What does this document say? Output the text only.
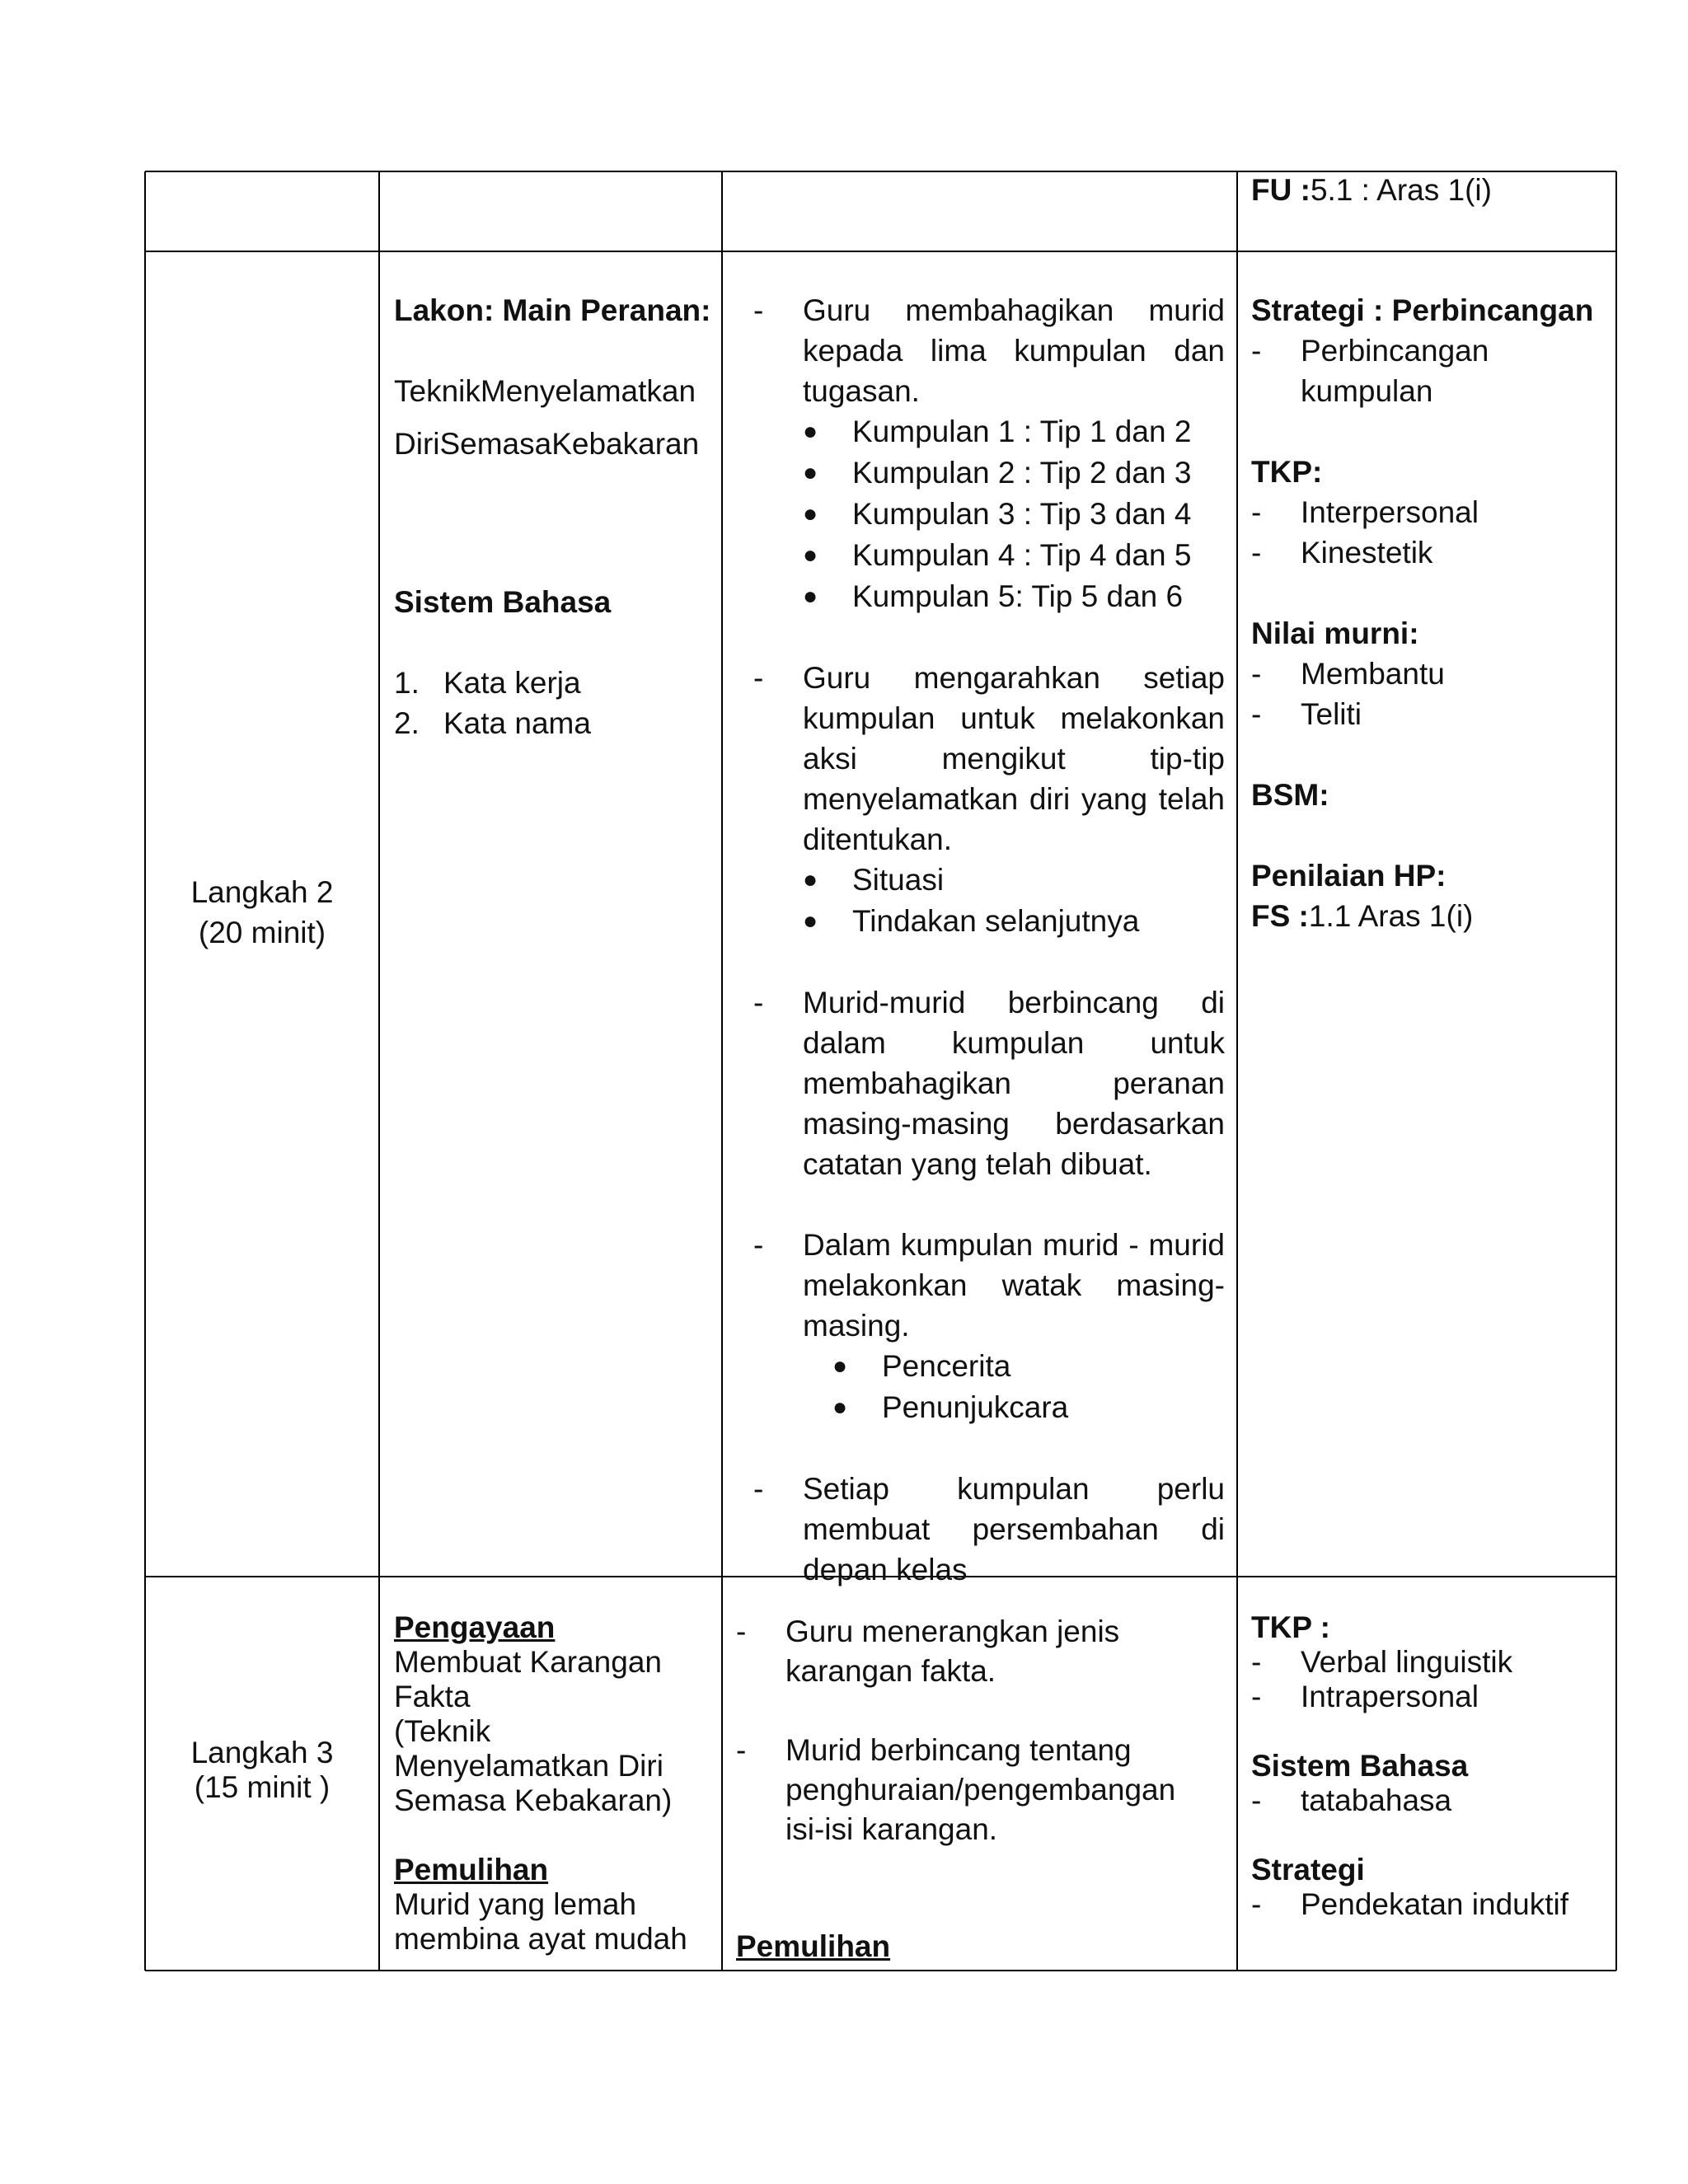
FU :5.1 : Aras 1(i)
Langkah 2
(20 minit)
Lakon: Main Peranan:
TeknikMenyelamatkan
DiriSemasaKebakaran
Sistem Bahasa
1. Kata kerja
2. Kata nama
- Guru membahagikan murid kepada lima kumpulan dan tugasan.
● Kumpulan 1 : Tip 1 dan 2
● Kumpulan 2 : Tip 2 dan 3
● Kumpulan 3 : Tip 3 dan 4
● Kumpulan 4 : Tip 4 dan 5
● Kumpulan 5: Tip 5 dan 6
- Guru mengarahkan setiap kumpulan untuk melakonkan aksi mengikut tip-tip menyelamatkan diri yang telah ditentukan.
● Situasi
● Tindakan selanjutnya
- Murid-murid berbincang di dalam kumpulan untuk membahagikan peranan masing-masing berdasarkan catatan yang telah dibuat.
- Dalam kumpulan murid - murid melakonkan watak masing-masing.
● Pencerita
● Penunjukcara
- Setiap kumpulan perlu membuat persembahan di depan kelas
Strategi : Perbincangan
- Perbincangan kumpulan
TKP:
- Interpersonal
- Kinestetik
Nilai murni:
- Membantu
- Teliti
BSM:
Penilaian HP:
FS :1.1 Aras 1(i)
Langkah 3
(15 minit )
Pengayaan
Membuat Karangan
Fakta
(Teknik
Menyelamatkan Diri
Semasa Kebakaran)
Pemulihan
Murid yang lemah
membina ayat mudah
- Guru menerangkan jenis
karangan fakta.
- Murid berbincang tentang
penghuraian/pengembangan
isi-isi karangan.
Pemulihan
TKP :
- Verbal linguistik
- Intrapersonal
Sistem Bahasa
- tatabahasa
Strategi
- Pendekatan induktif
